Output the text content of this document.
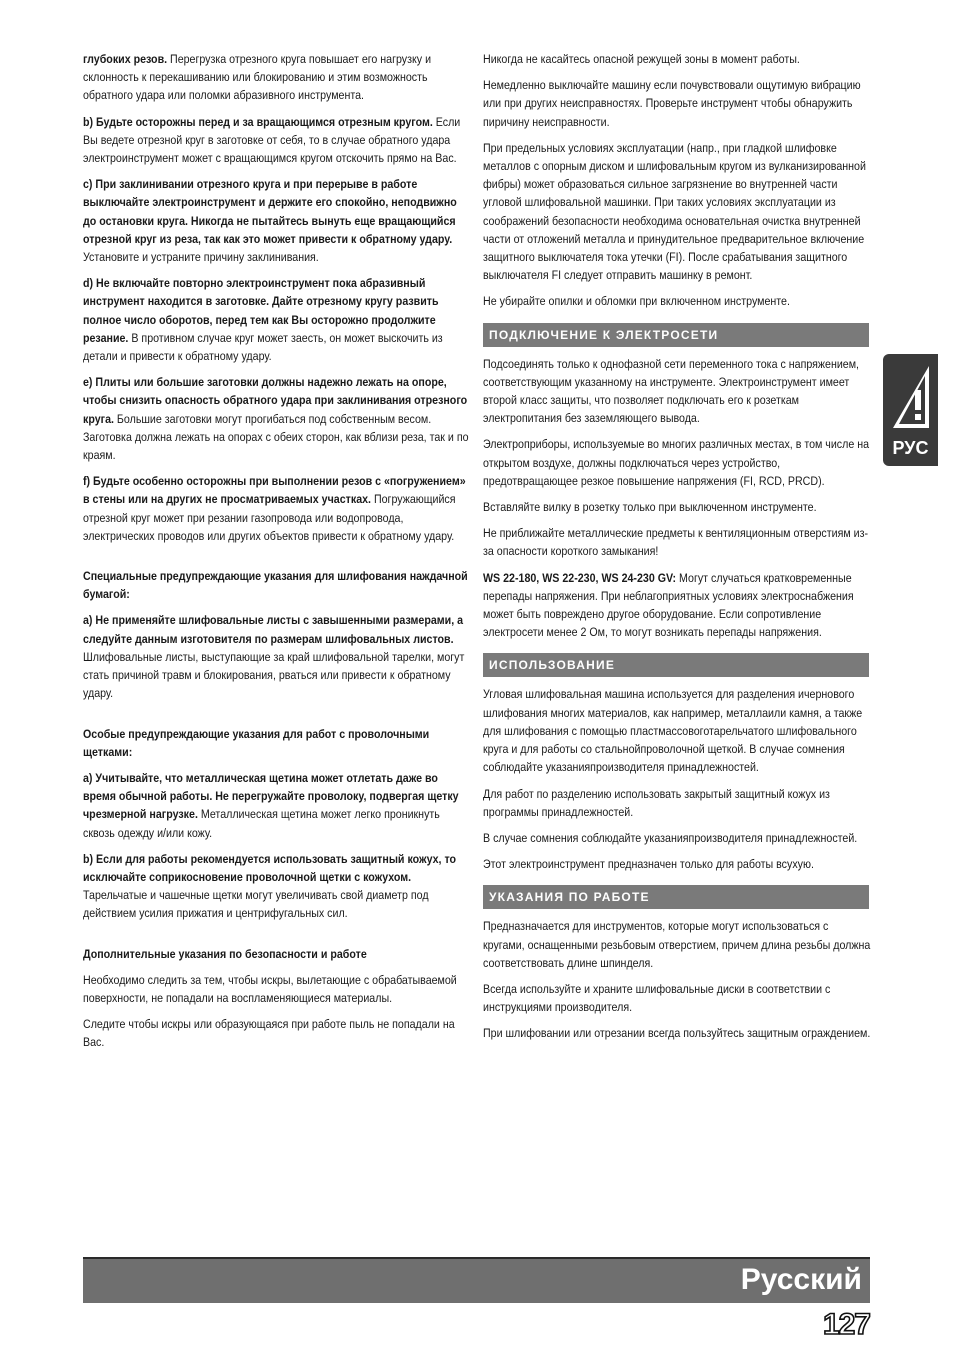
глубоких резов. Перегрузка отрезного круга повышает его нагрузку и склонность к перекашиванию или блокированию и этим возможность обратного удара или поломки абразивного инструмента.

b) Будьте осторожны перед и за вращающимся отрезным кругом. Если Вы ведете отрезной круг в заготовке от себя, то в случае обратного удара электроинструмент может с вращающимся кругом отскочить прямо на Вас.

c) При заклинивании отрезного круга и при перерыве в работе выключайте электроинструмент и держите его спокойно, неподвижно до остановки круга. Никогда не пытайтесь вынуть еще вращающийся отрезной круг из реза, так как это может привести к обратному удару. Установите и устраните причину заклинивания.

d) Не включайте повторно электроинструмент пока абразивный инструмент находится в заготовке. Дайте отрезному кругу развить полное число оборотов, перед тем как Вы осторожно продолжите резание. В противном случае круг может заесть, он может выскочить из детали и привести к обратному удару.

e) Плиты или большие заготовки должны надежно лежать на опоре, чтобы снизить опасность обратного удара при заклинивания отрезного круга. Большие заготовки могут прогибаться под собственным весом. Заготовка должна лежать на опорах с обеих сторон, как вблизи реза, так и по краям.

f) Будьте особенно осторожны при выполнении резов с «погружением» в стены или на других не просматриваемых участках. Погружающийся отрезной круг может при резании газопровода или водопровода, электрических проводов или других объектов привести к обратному удару.

Специальные предупреждающие указания для шлифования наждачной бумагой:

a) Не применяйте шлифовальные листы с завышенными размерами, а следуйте данным изготовителя по размерам шлифовальных листов. Шлифовальные листы, выступающие за край шлифовальной тарелки, могут стать причиной травм и блокирования, рваться или привести к обратному удару.

Особые предупреждающие указания для работ с проволочными щетками:

a) Учитывайте, что металлическая щетина может отлетать даже во время обычной работы. Не перегружайте проволоку, подвергая щетку чрезмерной нагрузке. Металлическая щетина может легко проникнуть сквозь одежду и/или кожу.

b) Если для работы рекомендуется использовать защитный кожух, то исключайте соприкосновение проволочной щетки с кожухом. Тарельчатые и чашечные щетки могут увеличивать свой диаметр под действием усилия прижатия и центрифугальных сил.

Дополнительные указания по безопасности и работе

Необходимо следить за тем, чтобы искры, вылетающие с обрабатываемой поверхности, не попадали на воспламеняющиеся материалы.

Следите чтобы искры или образующаяся при работе пыль не попадали на Вас.

Никогда не касайтесь опасной режущей зоны в момент работы.

Немедленно выключайте машину если почувствовали ощутимую вибрацию или при других неисправностях. Проверьте инструмент чтобы обнаружить пиричину неисправности.

При предельных условиях эксплуатации (напр., при гладкой шлифовке металлов с опорным диском и шлифовальным кругом из вулканизированной фибры) может образоваться сильное загрязнение во внутренней части угловой шлифовальной машинки. При таких условиях эксплуатации из соображений безопасности необходима основательная очистка внутренней части от отложений металла и принудительное предварительное включение защитного выключателя тока утечки (FI). После срабатывания защитного выключателя FI следует отправить машинку в ремонт.

Не убирайте опилки и обломки при включенном инструменте.

ПОДКЛЮЧЕНИЕ К ЭЛЕКТРОСЕТИ

Подсоединять только к однофазной сети переменного тока с напряжением, соответствующим указанному на инструменте. Электроинструмент имеет второй класс защиты, что позволяет подключать его к розеткам электропитания без заземляющего вывода.

Электроприборы, используемые во многих различных местах, в том числе на открытом воздухе, должны подключаться через устройство, предотвращающее резкое повышение напряжения (FI, RCD, PRCD).

Вставляйте вилку в розетку только при выключенном инструменте.

Не приближайте металлические предметы к вентиляционным отверстиям из-за опасности короткого замыкания!

WS 22-180, WS 22-230, WS 24-230 GV: Могут случаться кратковременные перепады напряжения. При неблагоприятных условиях электроснабжения может быть повреждено другое оборудование. Если сопротивление электросети менее 2 Ом, то могут возникать перепады напряжения.

ИСПОЛЬЗОВАНИЕ

Угловая шлифовальная машина используется для разделения ичернового шлифования многих материалов, как например, металлаили камня, а также для шлифования с помощью пластмассовоготарельчатого шлифовального круга и для работы со стальнойпроволочной щеткой. В случае сомнения соблюдайте указанияпроизводителя принадлежностей.

Для работ по разделению использовать закрытый защитный кожух из программы принадлежностей.

В случае сомнения соблюдайте указанияпроизводителя принадлежностей.

Этот электроинструмент предназначен только для работы всухую.

УКАЗАНИЯ ПО РАБОТЕ

Предназначается для инструментов, которые могут использоваться с кругами, оснащенными резьбовым отверстием, причем длина резьбы должна соответствовать длине шпинделя.

Всегда используйте и храните шлифовальные диски в соответствии с инструкциями производителя.

При шлифовании или отрезании всегда пользуйтесь защитным ограждением.

РУС
Русский
127
